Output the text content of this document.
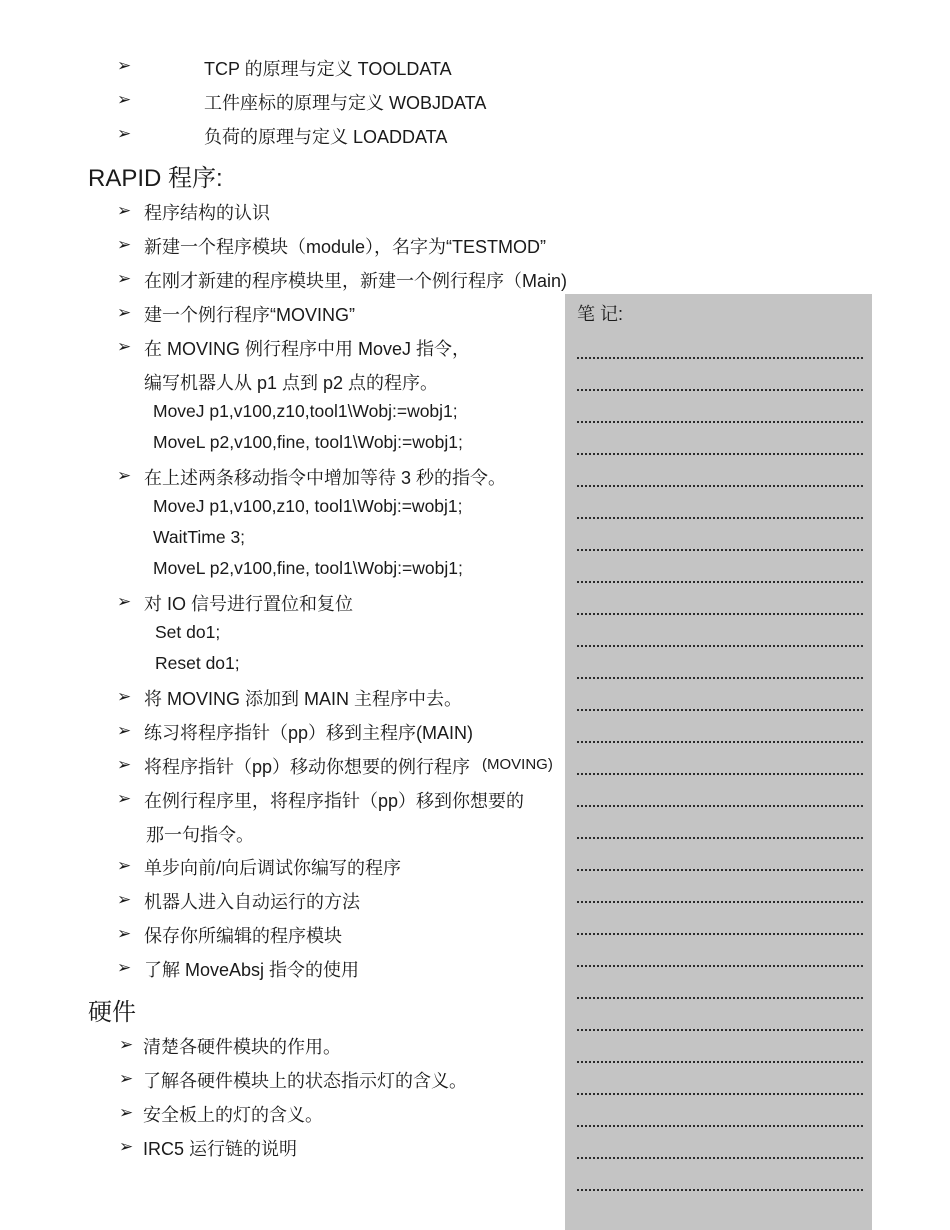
➢	TCP 的原理与定义 TOOLDATA
➢	工件座标的原理与定义 WOBJDATA
➢	负荷的原理与定义 LOADDATA
RAPID 程序:
➢ 程序结构的认识
➢ 新建一个程序模块（module），名字为“TESTMOD”
➢ 在刚才新建的程序模块里，新建一个例行程序（Main)
➢ 建一个例行程序“MOVING”
➢ 在 MOVING 例行程序中用 MoveJ 指令，
编写机器人从 p1 点到 p2 点的程序。
MoveJ p1,v100,z10,tool1\Wobj:=wobj1;
MoveL p2,v100,fine, tool1\Wobj:=wobj1;
➢ 在上述两条移动指令中增加等待 3 秒的指令。
MoveJ p1,v100,z10, tool1\Wobj:=wobj1;
WaitTime 3;
MoveL p2,v100,fine, tool1\Wobj:=wobj1;
➢ 对 IO 信号进行置位和复位
Set do1;
Reset do1;
➢ 将 MOVING 添加到 MAIN 主程序中去。
➢ 练习将程序指针（pp）移到主程序(MAIN)
➢ 将程序指针（pp）移动你想要的例行程序 (MOVING)
➢ 在例行程序里，将程序指针（pp）移到你想要的
那一句指令。
➢ 单步向前/向后调试你编写的程序
➢ 机器人进入自动运行的方法
➢ 保存你所编辑的程序模块
➢ 了解 MoveAbsj 指令的使用
硬件
➢ 清楚各硬件模块的作用。
➢ 了解各硬件模块上的状态指示灯的含义。
➢ 安全板上的灯的含义。
➢ IRC5 运行链的说明
笔 记:
